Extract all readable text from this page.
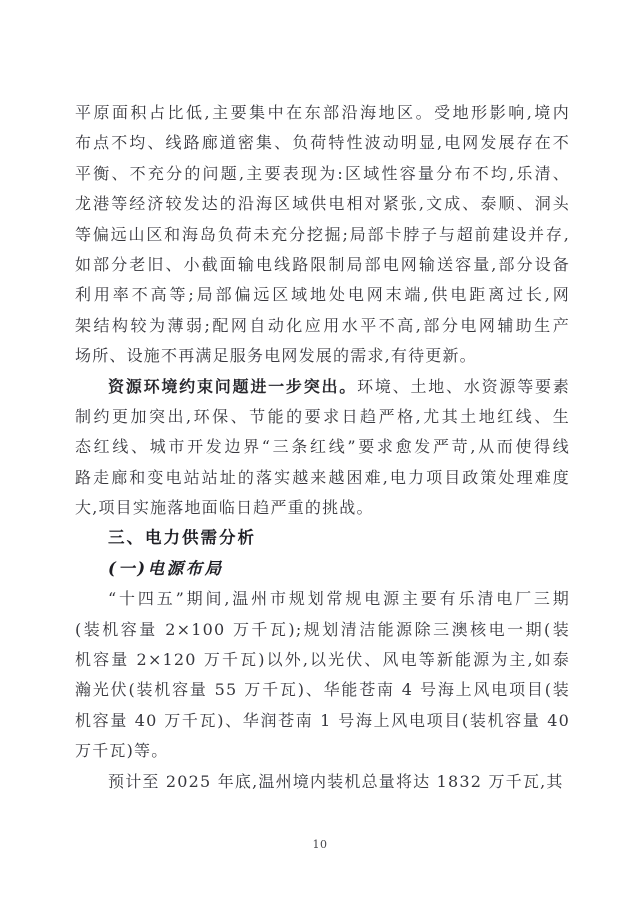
平原面积占比低,主要集中在东部沿海地区。受地形影响,境内
布点不均、线路廊道密集、负荷特性波动明显,电网发展存在不
平衡、不充分的问题,主要表现为:区域性容量分布不均,乐清、
龙港等经济较发达的沿海区域供电相对紧张,文成、泰顺、洞头
等偏远山区和海岛负荷未充分挖掘;局部卡脖子与超前建设并存,
如部分老旧、小截面输电线路限制局部电网输送容量,部分设备
利用率不高等;局部偏远区域地处电网末端,供电距离过长,网
架结构较为薄弱;配网自动化应用水平不高,部分电网辅助生产
场所、设施不再满足服务电网发展的需求,有待更新。
资源环境约束问题进一步突出。环境、土地、水资源等要素
制约更加突出,环保、节能的要求日趋严格,尤其土地红线、生
态红线、城市开发边界“三条红线”要求愈发严苛,从而使得线
路走廊和变电站站址的落实越来越困难,电力项目政策处理难度
大,项目实施落地面临日趋严重的挑战。
三、电力供需分析
(一)电源布局
“十四五”期间,温州市规划常规电源主要有乐清电厂三期
(装机容量 2×100 万千瓦);规划清洁能源除三澳核电一期(装
机容量 2×120 万千瓦)以外,以光伏、风电等新能源为主,如泰
瀚光伏(装机容量 55 万千瓦)、华能苍南 4 号海上风电项目(装
机容量 40 万千瓦)、华润苍南 1 号海上风电项目(装机容量 40
万千瓦)等。
预计至 2025 年底,温州境内装机总量将达 1832 万千瓦,其
10
